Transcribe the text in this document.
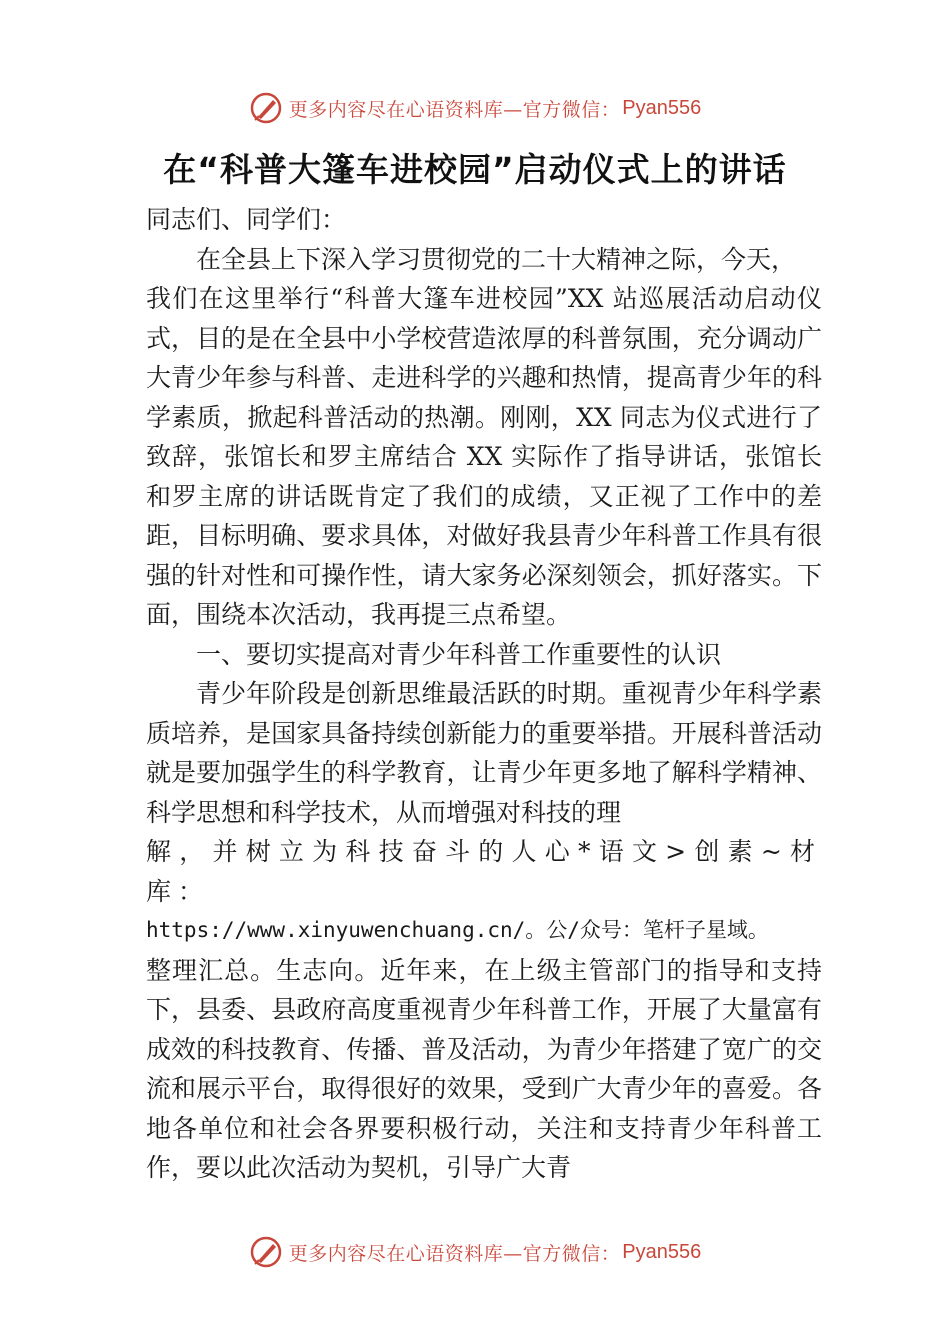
更多内容尽在心语资料库—官方微信： Pyan556
在“科普大篷车进校园”启动仪式上的讲话

同志们、同学们：

在全县上下深入学习贯彻党的二十大精神之际，今天，

我们在这里举行“科普大篷车进校园”XX 站巡展活动启动仪式，目的是在全县中小学校营造浓厚的科普氛围，充分调动广大青少年参与科普、走进科学的兴趣和热情，提高青少年的科学素质，掀起科普活动的热潮。刚刚，XX 同志为仪式进行了致辞，张馆长和罗主席结合 XX 实际作了指导讲话，张馆长和罗主席的讲话既肯定了我们的成绩，又正视了工作中的差距，目标明确、要求具体，对做好我县青少年科普工作具有很强的针对性和可操作性，请大家务必深刻领会，抓好落实。下面，围绕本次活动，我再提三点希望。

一、要切实提高对青少年科普工作重要性的认识

青少年阶段是创新思维最活跃的时期。重视青少年科学素质培养，是国家具备持续创新能力的重要举措。开展科普活动就是要加强学生的科学教育，让青少年更多地了解科学精神、科学思想和科学技术，从而增强对科技的理

解，并树立为科技奋斗的人心*语文>创素~材库：

https://www.xinyuwenchuang.cn/。公/众号：笔杆子星域。

整理汇总。生志向。近年来，在上级主管部门的指导和支持下，县委、县政府高度重视青少年科普工作，开展了大量富有成效的科技教育、传播、普及活动，为青少年搭建了宽广的交流和展示平台，取得很好的效果，受到广大青少年的喜爱。各地各单位和社会各界要积极行动，关注和支持青少年科普工作，要以此次活动为契机，引导广大青

更多内容尽在心语资料库—官方微信： Pyan556
